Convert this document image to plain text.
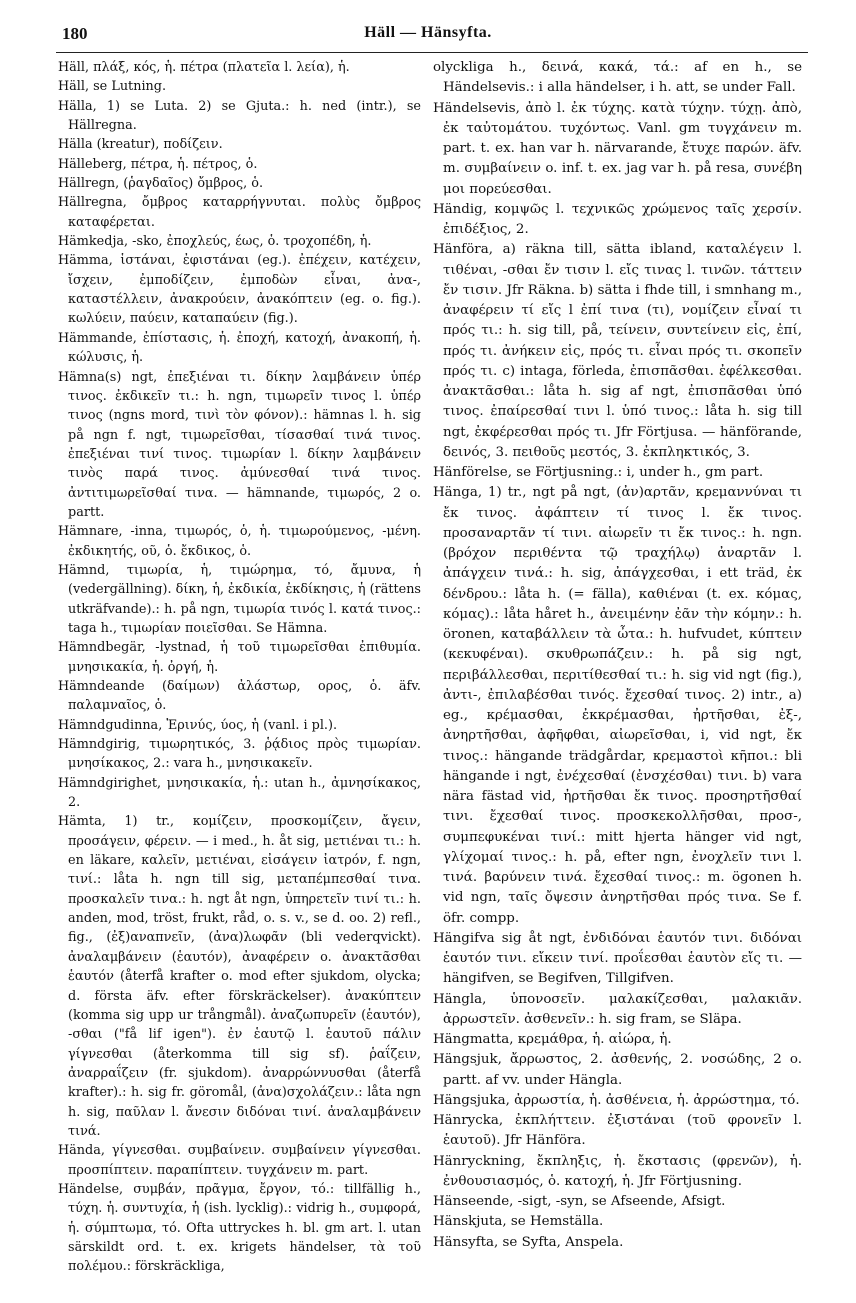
180	Häll — Hänsyfta.

Häll, πλάξ, κός, ἡ. πέτρα (πλατεῖα l. λεία), ἡ.

Häll, se Lutning.

Hälla, 1) se Luta. 2) se Gjuta.: h. ned (intr.), se Hällregna.

Hälla (kreatur), ποδίζειν.

Hälleberg, πέτρα, ἡ. πέτρος, ὁ.

Hällregn, (ῥαγδαῖος) ὄμβρος, ὁ.

Hällregna, ὄμβρος καταρρήγνυται. πολὺς ὄμβρος καταφέρεται.

Hämkedja, -sko, ἐποχλεύς, έως, ὁ. τροχοπέδη, ἡ.

Hämma, ἱστάναι, ἐφιστάναι (eg.). ἐπέχειν, κατέχειν, ἴσχειν, ἐμποδίζειν, ἐμποδὼν εἶναι, ἀνα-, καταστέλλειν, ἀνακρούειν, ἀνακόπτειν (eg. o. fig.). κωλύειν, παύειν, καταπαύειν (fig.).

Hämmande, ἐπίστασις, ἡ. ἐποχή, κατοχή, ἀνακοπή, ἡ. κώλυσις, ἡ.

Hämna(s) ngt, ἐπεξιέναι τι. δίκην λαμβάνειν ὑπέρ τινος. ἐκδικεῖν τι.: h. ngn, τιμωρεῖν τινος l. ὑπέρ τινος (ngns mord, τινὶ τὸν φόνον).: hämnas l. h. sig på ngn f. ngt, τιμωρεῖσθαι, τίσασθαί τινά τινος. ἐπεξιέναι τινί τινος. τιμωρίαν l. δίκην λαμβάνειν τινὸς παρά τινος. ἀμύνεσθαί τινά τινος. ἀντιτιμωρεῖσθαί τινα. — hämnande, τιμωρός, 2 o. partt.

Hämnare, -inna, τιμωρός, ὁ, ἡ. τιμωρούμενος, -μένη. ἐκδικητής, οῦ, ὁ. ἔκδικος, ὁ.

Hämnd, τιμωρία, ἡ, τιμώρημα, τό, ἄμυνα, ἡ (vedergällning). δίκη, ἡ, ἐκδικία, ἐκδίκησις, ἡ (rättens utkräfvande).: h. på ngn, τιμωρία τινός l. κατά τινος.: taga h., τιμωρίαν ποιεῖσθαι. Se Hämna.

Hämndbegär, -lystnad, ἡ τοῦ τιμωρεῖσθαι ἐπιθυμία. μνησικακία, ἡ. ὀργή, ἡ.

Hämndeande (δαίμων) ἀλάστωρ, ορος, ὁ. äfv. παλαμναῖος, ὁ.

Hämndgudinna, Ἐρινύς, ύος, ἡ (vanl. i pl.).

Hämndgirig, τιμωρητικός, 3. ῥᾴδιος πρὸς τιμωρίαν. μνησίκακος, 2.: vara h., μνησικακεῖν.

Hämndgirighet, μνησικακία, ἡ.: utan h., ἀμνησίκακος, 2.

Hämta, 1) tr., κομίζειν, προσκομίζειν, ἄγειν, προσάγειν, φέρειν. — i med., h. åt sig, μετιέναι τι.: h. en läkare, καλεῖν, μετιέναι, εἰσάγειν ἰατρόν, f. ngn, τινί.: låta h. ngn till sig, μεταπέμπεσθαί τινα. προσκαλεῖν τινα.: h. ngt åt ngn, ὑπηρετεῖν τινί τι.: h. anden, mod, tröst, frukt, råd, o. s. v., se d. oo. 2) refl., fig., (ἐξ)αναπνεῖν, (ἀνα)λωφᾶν (bli vederqvickt). ἀναλαμβάνειν (ἑαυτόν), ἀναφέρειν o. ἀνακτᾶσθαι ἑαυτόν (återfå krafter o. mod efter sjukdom, olycka; d. första äfv. efter förskräckelser). ἀνακύπτειν (komma sig upp ur trångmål). ἀναζωπυρεῖν (ἑαυτόν), -σθαι ("få lif igen"). ἐν ἑαυτῷ l. ἑαυτοῦ πάλιν γίγνεσθαι (återkomma till sig sf). ῥαΐζειν, ἀναρραΐζειν (fr. sjukdom). ἀναρρώννυσθαι (återfå krafter).: h. sig fr. göromål, (ἀνα)σχολάζειν.: låta ngn h. sig, παῦλαν l. ἄνεσιν διδόναι τινί. ἀναλαμβάνειν τινά.

Hända, γίγνεσθαι. συμβαίνειν. συμβαίνειν γίγνεσθαι. προσπίπτειν. παραπίπτειν. τυγχάνειν m. part.

Händelse, συμβάν, πρᾶγμα, ἔργον, τό.: tillfällig h., τύχη. ἡ. συντυχία, ἡ (ish. lycklig).: vidrig h., συμφορά, ἡ. σύμπτωμα, τό. Ofta uttryckes h. bl. gm art. l. utan särskildt ord. t. ex. krigets händelser, τὰ τοῦ πολέμου.: förskräckliga,

olyckliga h., δεινά, κακά, τά.: af en h., se Händelsevis.: i alla händelser, i h. att, se under Fall.

Händelsevis, ἀπὸ l. ἐκ τύχης. κατὰ τύχην. τύχῃ. ἀπὸ, ἐκ ταὐτομάτου. τυχόντως. Vanl. gm τυγχάνειν m. part. t. ex. han var h. närvarande, ἔτυχε παρών. äfv. m. συμβαίνειν o. inf. t. ex. jag var h. på resa, συνέβη μοι πορεύεσθαι.

Händig, κομψῶς l. τεχνικῶς χρώμενος ταῖς χερσίν. ἐπιδέξιος, 2.

Hänföra, a) räkna till, sätta ibland, καταλέγειν l. τιθέναι, -σθαι ἔν τισιν l. εἴς τινας l. τινῶν. τάττειν ἔν τισιν. Jfr Räkna. b) sätta i fhde till, i smnhang m., ἀναφέρειν τί εἴς l ἐπί τινα (τι), νομίζειν εἶναί τι πρός τι.: h. sig till, på, τείνειν, συντείνειν εἰς, ἐπί, πρός τι. ἀνήκειν εἰς, πρός τι. εἶναι πρός τι. σκοπεῖν πρός τι. c) intaga, förleda, ἐπισπᾶσθαι. ἐφέλκεσθαι. ἀνακτᾶσθαι.: låta h. sig af ngt, ἐπισπᾶσθαι ὑπό τινος. ἐπαίρεσθαί τινι l. ὑπό τινος.: låta h. sig till ngt, ἐκφέρεσθαι πρός τι. Jfr Förtjusa. — hänförande, δεινός, 3. πειθοῦς μεστός, 3. ἐκπληκτικός, 3.

Hänförelse, se Förtjusning.: i, under h., gm part.

Hänga, 1) tr., ngt på ngt, (ἀν)αρτᾶν, κρεμαννύναι τι ἔκ τινος. ἀφάπτειν τί τινος l. ἔκ τινος. προσαναρτᾶν τί τινι. αἰωρεῖν τι ἔκ τινος.: h. ngn. (βρόχον περιθέντα τῷ τραχήλῳ) ἀναρτᾶν l. ἀπάγχειν τινά.: h. sig, ἀπάγχεσθαι, i ett träd, ἐκ δένδρου.: låta h. (= fälla), καθιέναι (t. ex. κόμας, κόμας).: låta håret h., ἀνειμένην ἐᾶν τὴν κόμην.: h. öronen, καταβάλλειν τὰ ὦτα.: h. hufvudet, κύπτειν (κεκυφέναι). σκυθρωπάζειν.: h. på sig ngt, περιβάλλεσθαι, περιτίθεσθαί τι.: h. sig vid ngt (fig.), ἀντι-, ἐπιλαβέσθαι τινός. ἔχεσθαί τινος. 2) intr., a) eg., κρέμασθαι, ἐκκρέμασθαι, ἠρτῆσθαι, ἐξ-, ἀνηρτῆσθαι, ἀφῆφθαι, αἰωρεῖσθαι, i, vid ngt, ἔκ τινος.: hängande trädgårdar, κρεμαστοὶ κῆποι.: bli hängande i ngt, ἐνέχεσθαί (ἐνσχέσθαι) τινι. b) vara nära fästad vid, ἠρτῆσθαι ἔκ τινος. προσηρτῆσθαί τινι. ἔχεσθαί τινος. προσκεκολλῆσθαι, προσ-, συμπεφυκέναι τινί.: mitt hjerta hänger vid ngt, γλίχομαί τινος.: h. på, efter ngn, ἐνοχλεῖν τινι l. τινά. βαρύνειν τινά. ἔχεσθαί τινος.: m. ögonen h. vid ngn, ταῖς ὄψεσιν ἀνηρτῆσθαι πρός τινα. Se f. öfr. compp.

Hängifva sig åt ngt, ἐνδιδόναι ἑαυτόν τινι. διδόναι ἑαυτόν τινι. εἴκειν τινί. προΐεσθαι ἑαυτὸν εἴς τι. — hängifven, se Begifven, Tillgifven.

Hängla, ὑπονοσεῖν. μαλακίζεσθαι, μαλακιᾶν. ἀρρωστεῖν. ἀσθενεῖν.: h. sig fram, se Släpa.

Hängmatta, κρεμάθρα, ἡ. αἰώρα, ἡ.

Hängsjuk, ἄρρωστος, 2. ἀσθενής, 2. νοσώδης, 2 o. partt. af vv. under Hängla.

Hängsjuka, ἀρρωστία, ἡ. ἀσθένεια, ἡ. ἀρρώστημα, τό.

Hänrycka, ἐκπλήττειν. ἐξιστάναι (τοῦ φρονεῖν l. ἑαυτοῦ). Jfr Hänföra.

Hänryckning, ἔκπληξις, ἡ. ἔκστασις (φρενῶν), ἡ. ἐνθουσιασμός, ὁ. κατοχή, ἡ. Jfr Förtjusning.

Hänseende, -sigt, -syn, se Afseende, Afsigt.

Hänskjuta, se Hemställa.

Hänsyfta, se Syfta, Anspela.
